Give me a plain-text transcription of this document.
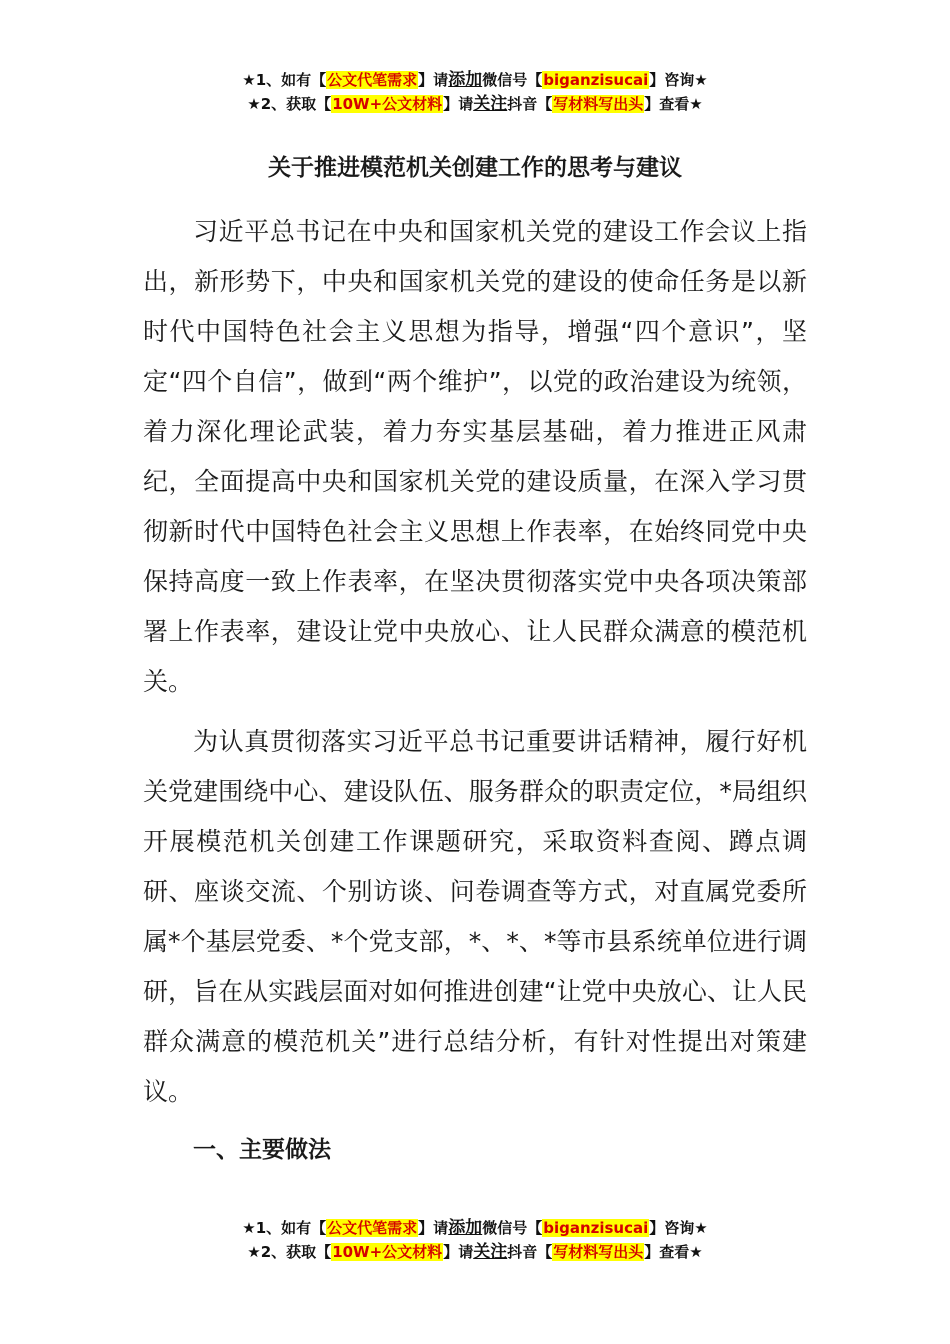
★1、如有【公文代笔需求】请添加微信号【biganzisucai】咨询★
★2、获取【10W+公文材料】请关注抖音【写材料写出头】查看★
关于推进模范机关创建工作的思考与建议

习近平总书记在中央和国家机关党的建设工作会议上指出，新形势下，中央和国家机关党的建设的使命任务是以新时代中国特色社会主义思想为指导，增强“四个意识”，坚定“四个自信”，做到“两个维护”，以党的政治建设为统领，着力深化理论武装，着力夯实基层基础，着力推进正风肃纪，全面提高中央和国家机关党的建设质量，在深入学习贯彻新时代中国特色社会主义思想上作表率，在始终同党中央保持高度一致上作表率，在坚决贯彻落实党中央各项决策部署上作表率，建设让党中央放心、让人民群众满意的模范机关。

为认真贯彻落实习近平总书记重要讲话精神，履行好机关党建围绕中心、建设队伍、服务群众的职责定位，*局组织开展模范机关创建工作课题研究，采取资料查阅、蹲点调研、座谈交流、个别访谈、问卷调查等方式，对直属党委所属*个基层党委、*个党支部，*、*、*等市县系统单位进行调研，旨在从实践层面对如何推进创建“让党中央放心、让人民群众满意的模范机关”进行总结分析，有针对性提出对策建议。

一、主要做法
★1、如有【公文代笔需求】请添加微信号【biganzisucai】咨询★
★2、获取【10W+公文材料】请关注抖音【写材料写出头】查看★
